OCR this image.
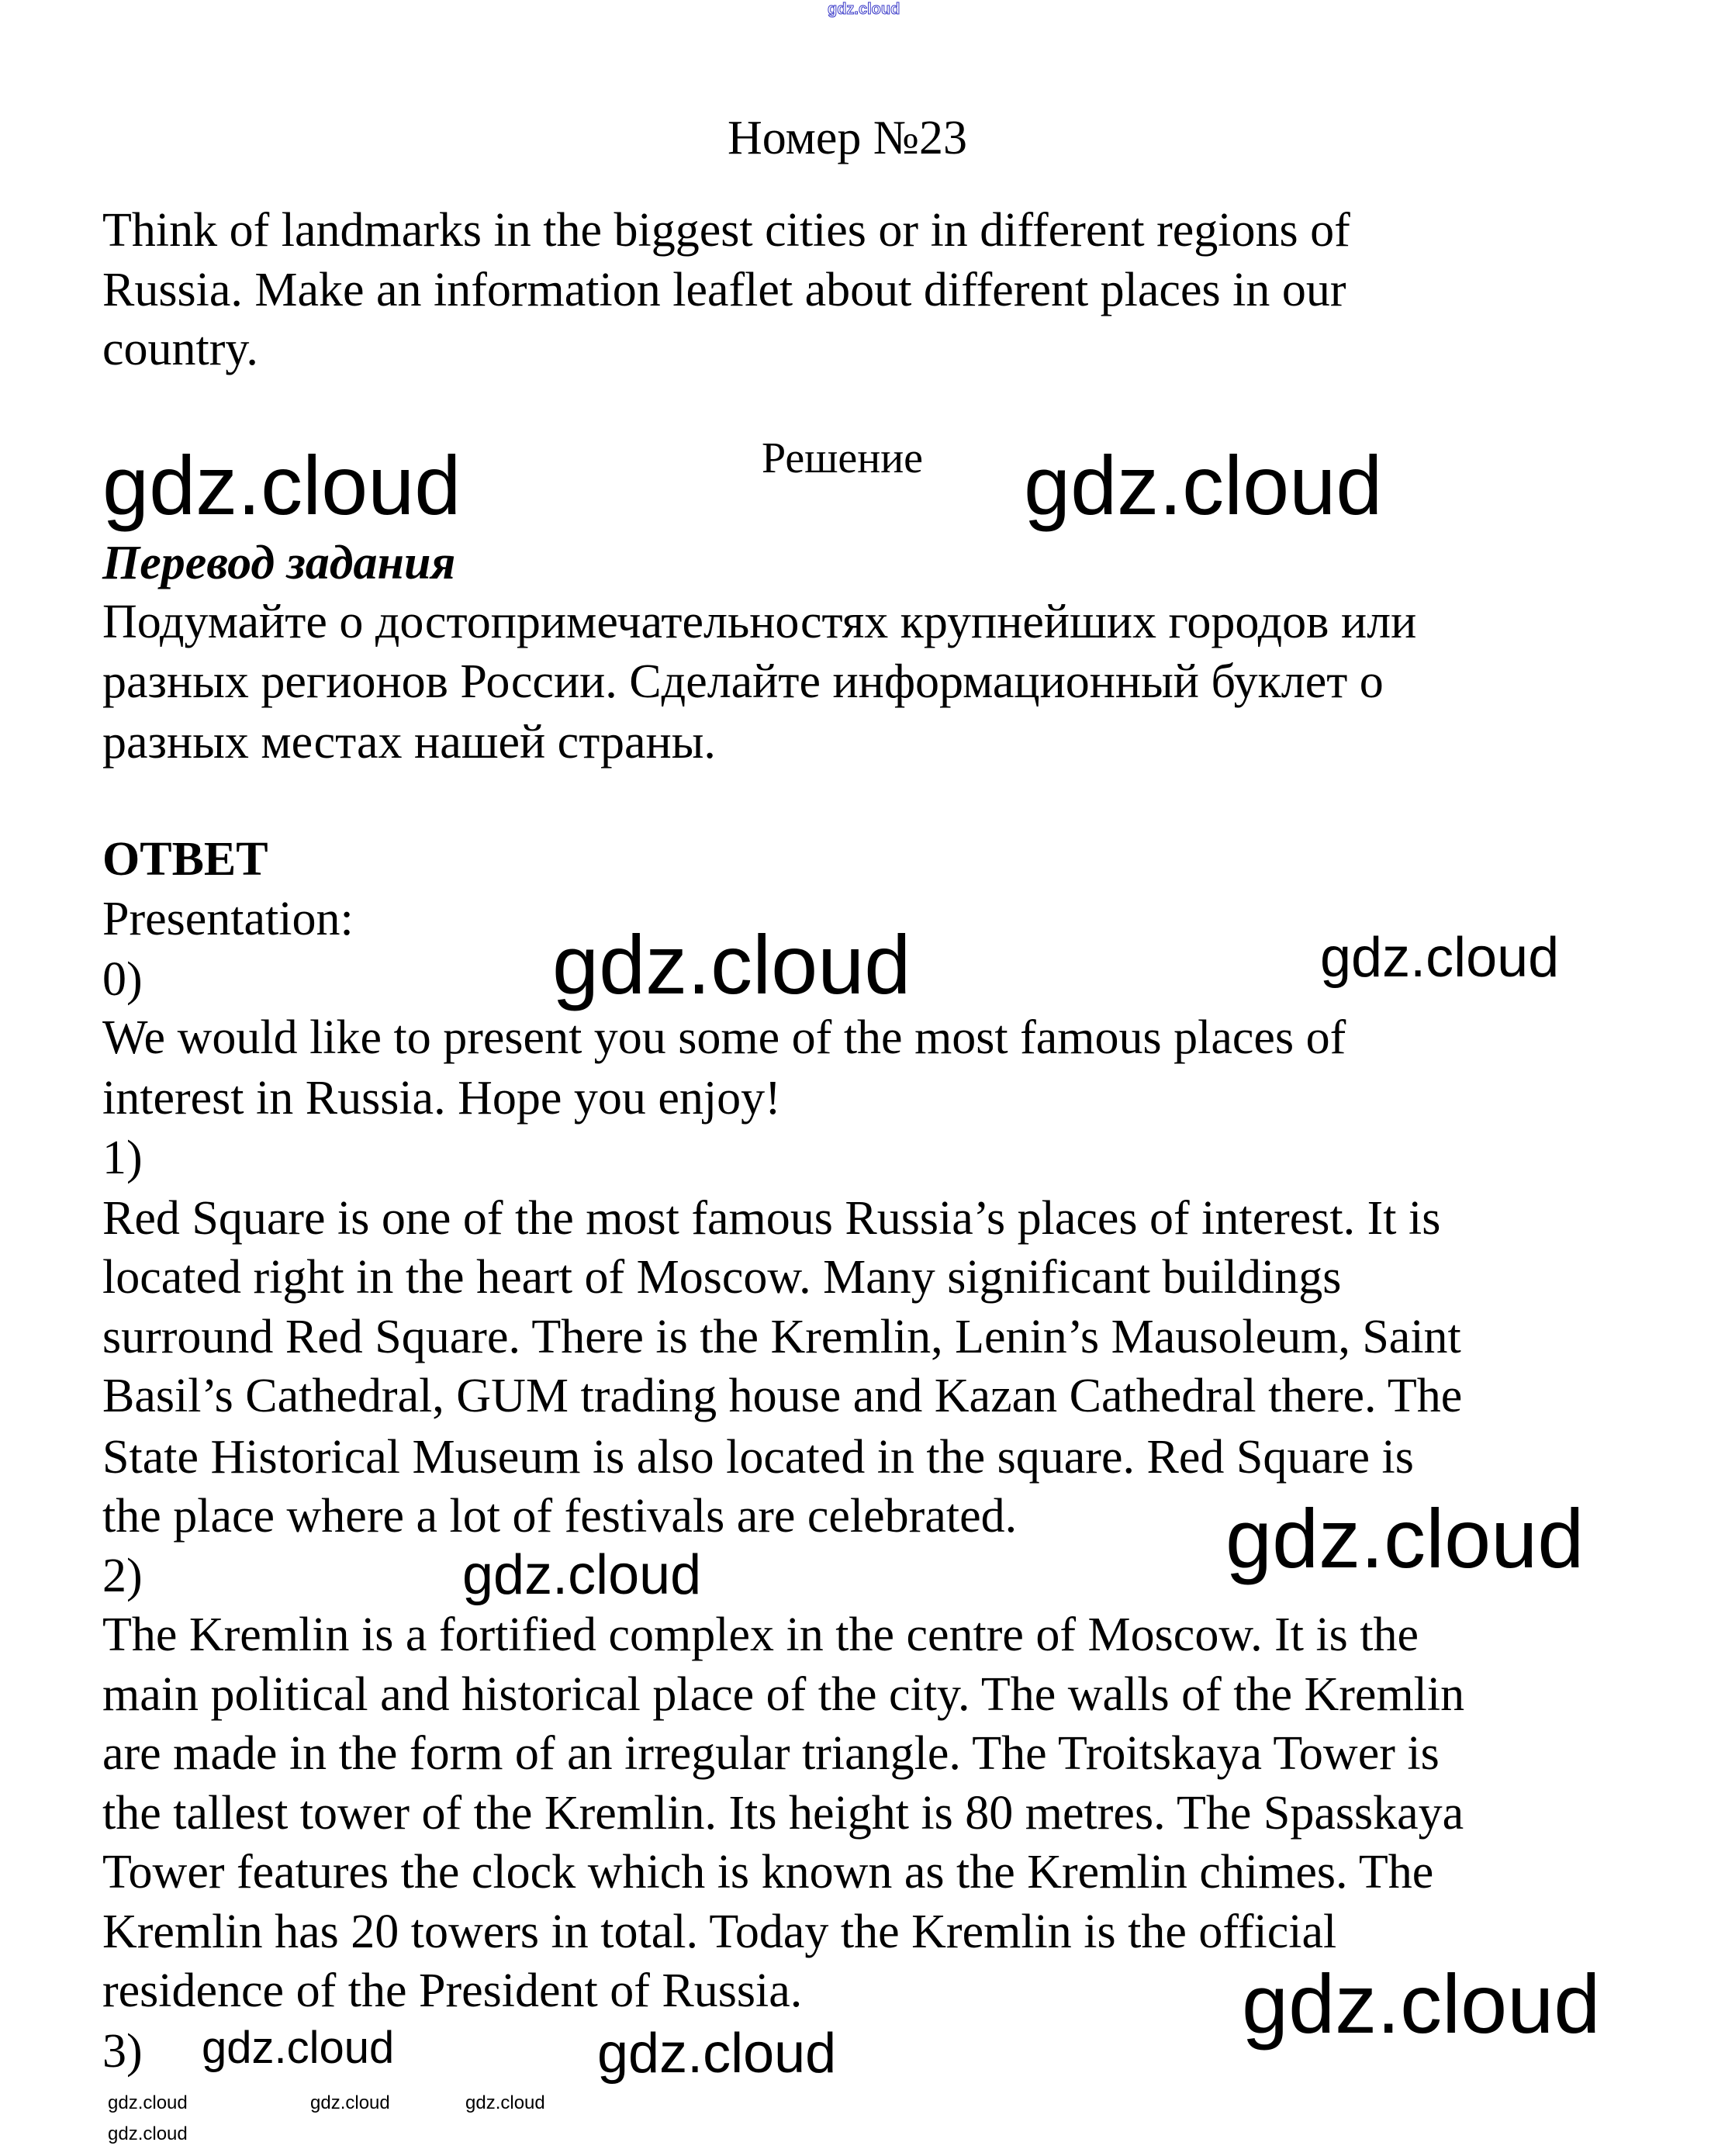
gdz.cloud
Номер №23
Think of landmarks in the biggest cities or in different regions of
Russia. Make an information leaflet about different places in our
country.
Решение
Перевод задания
Подумайте о достопримечательностях крупнейших городов или
разных регионов России. Сделайте информационный буклет о
разных местах нашей страны.
ОТВЕТ
Presentation:
0)
We would like to present you some of the most famous places of
interest in Russia. Hope you enjoy!
1)
Red Square is one of the most famous Russia’s places of interest. It is
located right in the heart of Moscow. Many significant buildings
surround Red Square. There is the Kremlin, Lenin’s Mausoleum, Saint
Basil’s Cathedral, GUM trading house and Kazan Cathedral there. The
State Historical Museum is also located in the square. Red Square is
the place where a lot of festivals are celebrated.
2)
The Kremlin is a fortified complex in the centre of Moscow. It is the
main political and historical place of the city. The walls of the Kremlin
are made in the form of an irregular triangle. The Troitskaya Tower is
the tallest tower of the Kremlin. Its height is 80 metres. The Spasskaya
Tower features the clock which is known as the Kremlin chimes. The
Kremlin has 20 towers in total. Today the Kremlin is the official
residence of the President of Russia.
3)
gdz.cloud	gdz.cloud
gdz.cloud	gdz.cloud
gdz.cloud
gdz.cloud
gdz.cloud
gdz.cloud	gdz.cloud
gdz.cloud	gdz.cloud	gdz.cloud
gdz.cloud
